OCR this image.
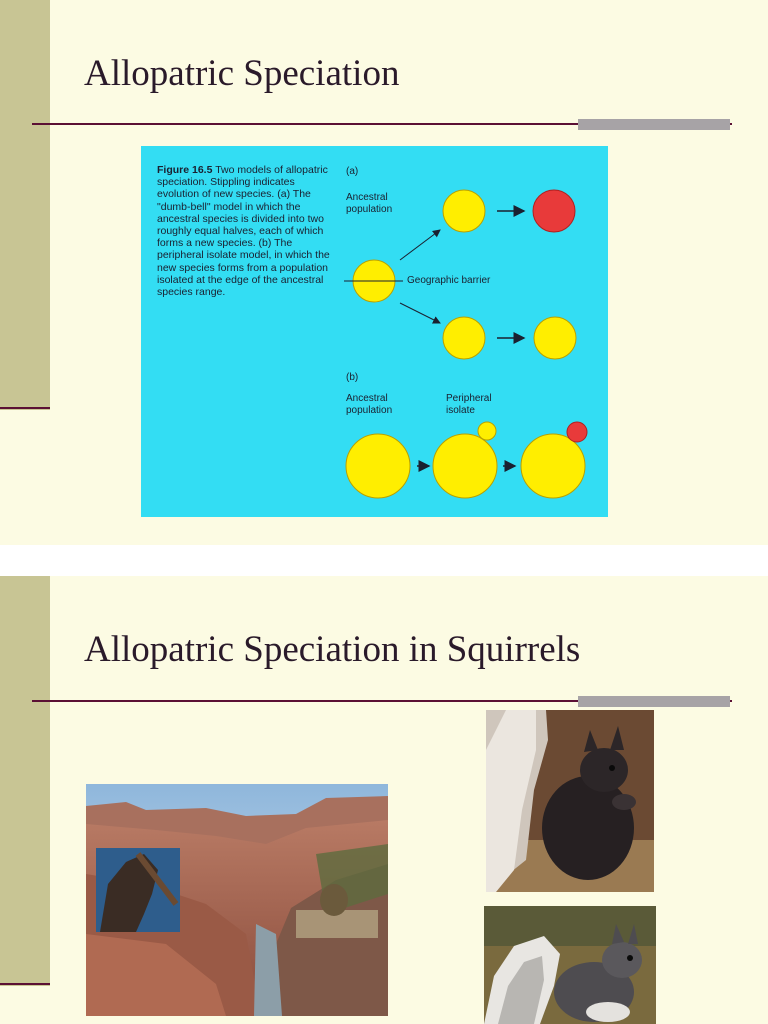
Allopatric Speciation
Figure 16.5 Two models of allopatric speciation. Stippling indicates evolution of new species. (a) The "dumb-bell" model in which the ancestral species is divided into two roughly equal halves, each of which forms a new species. (b) The peripheral isolate model, in which the new species forms from a population isolated at the edge of the ancestral species range.
(a)
Ancestral
population
Geographic barrier
(b)
Ancestral
population
Peripheral
isolate
Allopatric Speciation in Squirrels
